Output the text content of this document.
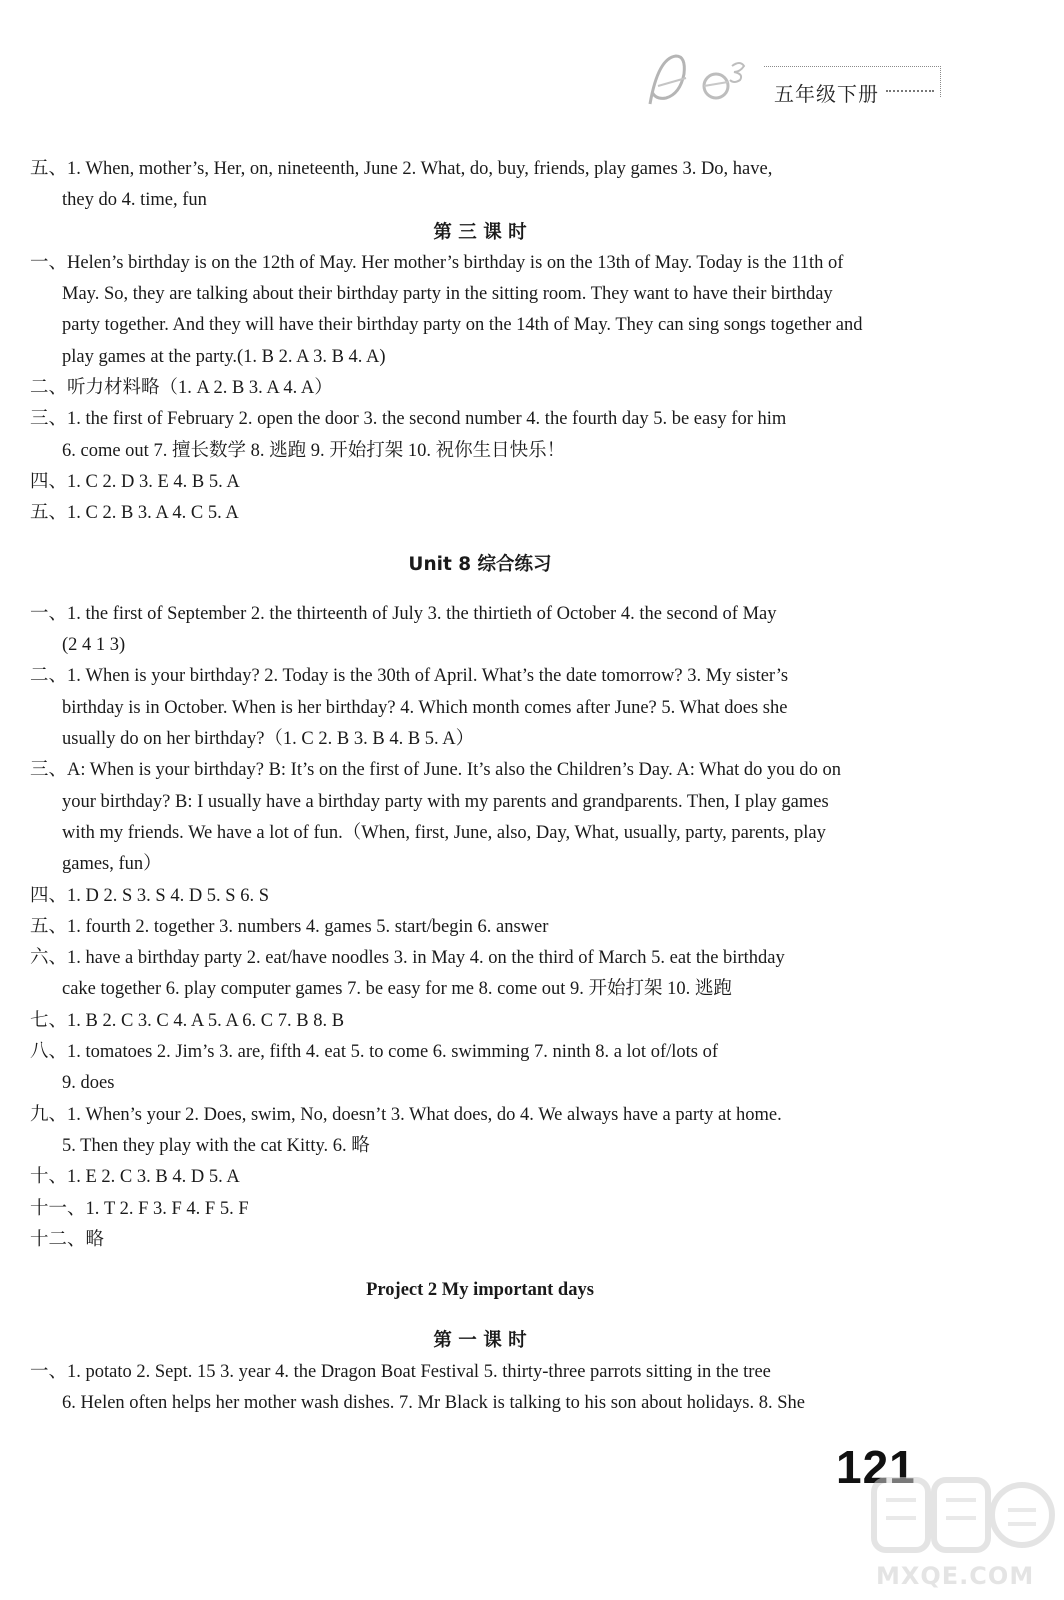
五年级下册
五、1. When, mother’s, Her, on, nineteenth, June 2. What, do, buy, friends, play games 3. Do, have,
they do 4. time, fun
第 三 课 时
一、Helen’s birthday is on the 12th of May. Her mother’s birthday is on the 13th of May. Today is the 11th of
May. So, they are talking about their birthday party in the sitting room. They want to have their birthday
party together. And they will have their birthday party on the 14th of May. They can sing songs together and
play games at the party.(1. B 2. A 3. B 4. A)
二、听力材料略（1. A 2. B 3. A 4. A）
三、1. the first of February 2. open the door 3. the second number 4. the fourth day 5. be easy for him
6. come out 7. 擅长数学 8. 逃跑 9. 开始打架 10. 祝你生日快乐！
四、1. C 2. D 3. E 4. B 5. A
五、1. C 2. B 3. A 4. C 5. A
Unit 8 综合练习
一、1. the first of September 2. the thirteenth of July 3. the thirtieth of October 4. the second of May
(2 4 1 3)
二、1. When is your birthday? 2. Today is the 30th of April. What’s the date tomorrow? 3. My sister’s
birthday is in October. When is her birthday? 4. Which month comes after June? 5. What does she
usually do on her birthday?（1. C 2. B 3. B 4. B 5. A）
三、A: When is your birthday? B: It’s on the first of June. It’s also the Children’s Day. A: What do you do on
your birthday? B: I usually have a birthday party with my parents and grandparents. Then, I play games
with my friends. We have a lot of fun.（When, first, June, also, Day, What, usually, party, parents, play
games, fun）
四、1. D 2. S 3. S 4. D 5. S 6. S
五、1. fourth 2. together 3. numbers 4. games 5. start/begin 6. answer
六、1. have a birthday party 2. eat/have noodles 3. in May 4. on the third of March 5. eat the birthday
cake together 6. play computer games 7. be easy for me 8. come out 9. 开始打架 10. 逃跑
七、1. B 2. C 3. C 4. A 5. A 6. C 7. B 8. B
八、1. tomatoes 2. Jim’s 3. are, fifth 4. eat 5. to come 6. swimming 7. ninth 8. a lot of/lots of
9. does
九、1. When’s your 2. Does, swim, No, doesn’t 3. What does, do 4. We always have a party at home.
5. Then they play with the cat Kitty. 6. 略
十、1. E 2. C 3. B 4. D 5. A
十一、1. T 2. F 3. F 4. F 5. F
十二、略
Project 2 My important days
第 一 课 时
一、1. potato 2. Sept. 15 3. year 4. the Dragon Boat Festival 5. thirty-three parrots sitting in the tree
6. Helen often helps her mother wash dishes. 7. Mr Black is talking to his son about holidays. 8. She
121
MXQE.COM
